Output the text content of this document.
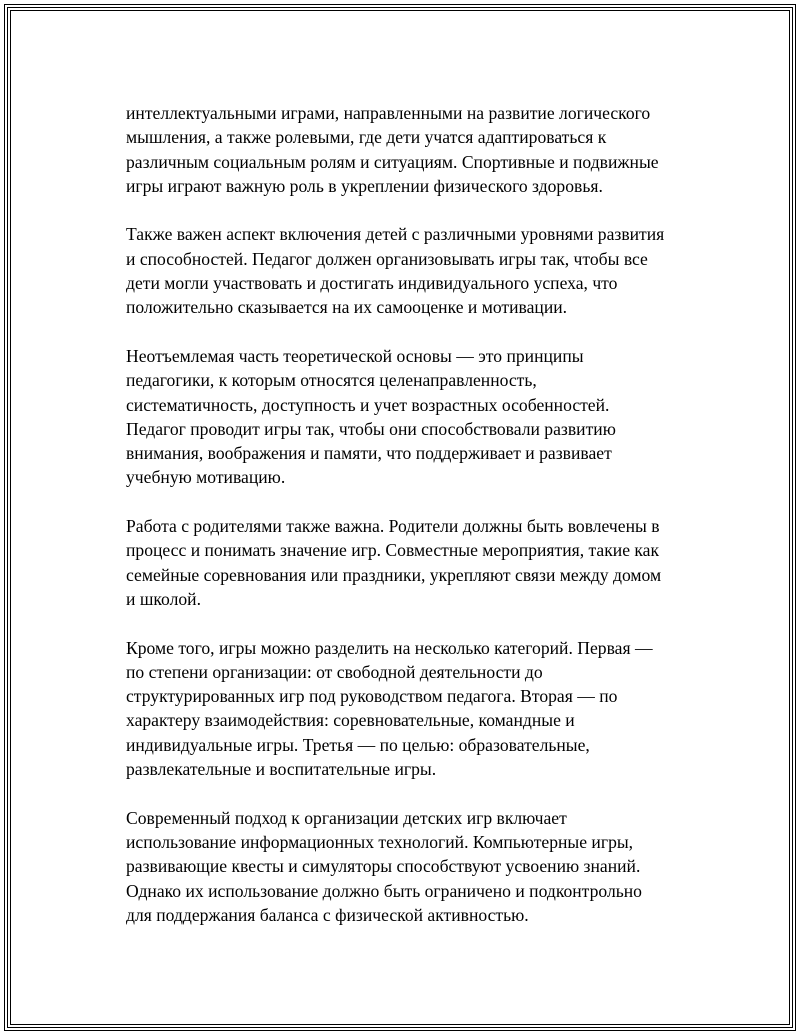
интеллектуальными играми, направленными на развитие логического
мышления, а также ролевыми, где дети учатся адаптироваться к
различным социальным ролям и ситуациям. Спортивные и подвижные
игры играют важную роль в укреплении физического здоровья.

Также важен аспект включения детей с различными уровнями развития
и способностей. Педагог должен организовывать игры так, чтобы все
дети могли участвовать и достигать индивидуального успеха, что
положительно сказывается на их самооценке и мотивации.

Неотъемлемая часть теоретической основы — это принципы
педагогики, к которым относятся целенаправленность,
систематичность, доступность и учет возрастных особенностей.
Педагог проводит игры так, чтобы они способствовали развитию
внимания, воображения и памяти, что поддерживает и развивает
учебную мотивацию.

Работа с родителями также важна. Родители должны быть вовлечены в
процесс и понимать значение игр. Совместные мероприятия, такие как
семейные соревнования или праздники, укрепляют связи между домом
и школой.

Кроме того, игры можно разделить на несколько категорий. Первая —
по степени организации: от свободной деятельности до
структурированных игр под руководством педагога. Вторая — по
характеру взаимодействия: соревновательные, командные и
индивидуальные игры. Третья — по целью: образовательные,
развлекательные и воспитательные игры.

Современный подход к организации детских игр включает
использование информационных технологий. Компьютерные игры,
развивающие квесты и симуляторы способствуют усвоению знаний.
Однако их использование должно быть ограничено и подконтрольно
для поддержания баланса с физической активностью.
